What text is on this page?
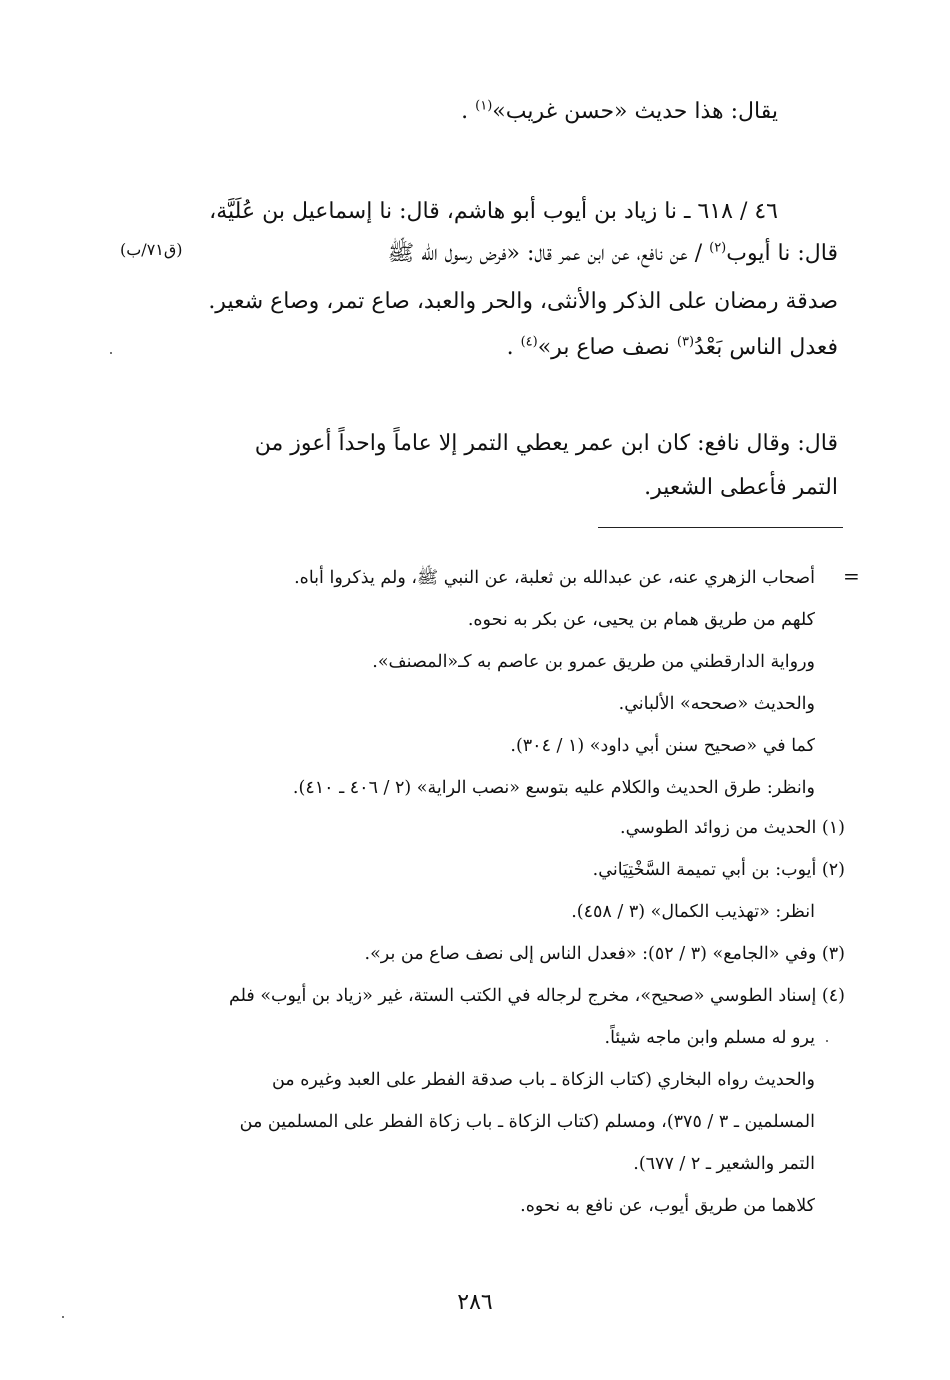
يقال: هذا حديث «حسن غريب»$^{(١)}$ .
٤٦ / ٦١٨ ـ نا زياد بن أيوب أبو هاشم، قال: نا إسماعيل بن عُلَيَّة،
قال: نا أيوب$^{(٢)}$ / عن نافع، عن ابن عمر قال: «فرض رسول الله ﷺ
(ق٧١/ب)
صدقة رمضان على الذكر والأنثى، والحر والعبد، صاع تمر، وصاع شعير.
فعدل الناس بَعْدُ$^{(٣)}$ نصف صاع بر»$^{(٤)}$ .
قال: وقال نافع: كان ابن عمر يعطي التمر إلا عاماً واحداً أعوز من
التمر فأعطى الشعير.
=
أصحاب الزهري عنه، عن عبدالله بن ثعلبة، عن النبي ﷺ، ولم يذكروا أباه.
كلهم من طريق همام بن يحيى، عن بكر به نحوه.
ورواية الدارقطني من طريق عمرو بن عاصم به كـ«المصنف».
والحديث «صححه» الألباني.
كما في «صحيح سنن أبي داود» (١ / ٣٠٤).
وانظر: طرق الحديث والكلام عليه بتوسع «نصب الراية» (٢ / ٤٠٦ ـ ٤١٠).
(١) الحديث من زوائد الطوسي.
(٢) أيوب: بن أبي تميمة السَّخْتِيَاني.
انظر: «تهذيب الكمال» (٣ / ٤٥٨).
(٣) وفي «الجامع» (٣ / ٥٢): «فعدل الناس إلى نصف صاع من بر».
(٤) إسناد الطوسي «صحيح»، مخرج لرجاله في الكتب الستة، غير «زياد بن أيوب» فلم
يرو له مسلم وابن ماجه شيئاً.
والحديث رواه البخاري (كتاب الزكاة ـ باب صدقة الفطر على العبد وغيره من
المسلمين ـ ٣ / ٣٧٥)، ومسلم (كتاب الزكاة ـ باب زكاة الفطر على المسلمين من
التمر والشعير ـ ٢ / ٦٧٧).
كلاهما من طريق أيوب، عن نافع به نحوه.
٢٨٦
